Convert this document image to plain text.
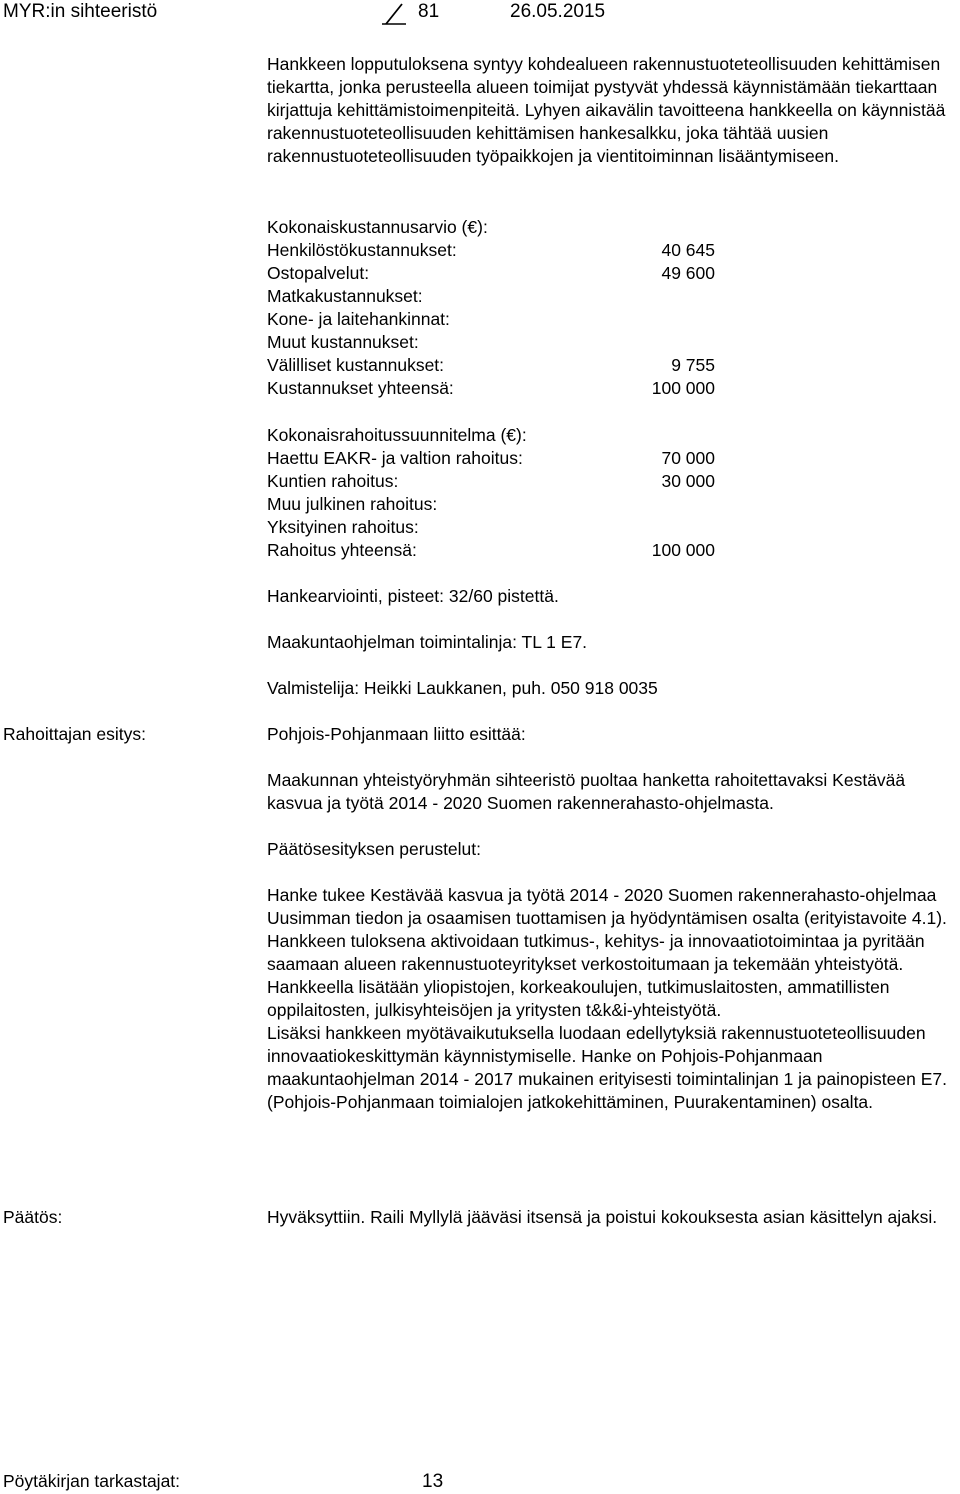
MYR:in sihteeristö	81	26.05.2015

Hankkeen lopputuloksena syntyy kohdealueen rakennustuoteteollisuuden kehittämisen tiekartta, jonka perusteella alueen toimijat pystyvät yhdessä käynnistämään tiekarttaan kirjattuja kehittämistoimenpiteitä. Lyhyen aikavälin tavoitteena hankkeella on käynnistää rakennustuoteteollisuuden kehittämisen hankesalkku, joka tähtää uusien rakennustuoteteollisuuden työpaikkojen ja vientitoiminnan lisääntymiseen.

Kokonaiskustannusarvio (€):
Henkilöstökustannukset:	40 645
Ostopalvelut:	49 600
Matkakustannukset:
Kone- ja laitehankinnat:
Muut kustannukset:
Välilliset kustannukset:	9 755
Kustannukset yhteensä:	100 000
Kokonaisrahoitussuunnitelma (€):
Haettu EAKR- ja valtion rahoitus:	70 000
Kuntien rahoitus:	30 000
Muu julkinen rahoitus:
Yksityinen rahoitus:
Rahoitus yhteensä:	100 000
Hankearviointi, pisteet: 32/60 pistettä.
Maakuntaohjelman toimintalinja: TL 1 E7.
Valmistelija: Heikki Laukkanen, puh. 050 918 0035
Rahoittajan esitys:	Pohjois-Pohjanmaan liitto esittää:

Maakunnan yhteistyöryhmän sihteeristö puoltaa hanketta rahoitettavaksi Kestävää kasvua ja työtä 2014 - 2020 Suomen rakennerahasto-ohjelmasta.

Päätösesityksen perustelut:

Hanke tukee Kestävää kasvua ja työtä 2014 - 2020 Suomen rakennerahasto-ohjelmaa Uusimman tiedon ja osaamisen tuottamisen ja hyödyntämisen osalta (erityistavoite 4.1).

Hankkeen tuloksena aktivoidaan tutkimus-, kehitys- ja innovaatiotoimintaa ja pyritään saamaan alueen rakennustuoteyritykset verkostoitumaan ja tekemään yhteistyötä. Hankkeella lisätään yliopistojen, korkeakoulujen, tutkimuslaitosten, ammatillisten oppilaitosten, julkisyhteisöjen ja yritysten t&k&i-yhteistyötä.

Lisäksi hankkeen myötävaikutuksella luodaan edellytyksiä rakennustuoteteollisuuden innovaatiokeskittymän käynnistymiselle. Hanke on Pohjois-Pohjanmaan maakuntaohjelman 2014 - 2017 mukainen erityisesti toimintalinjan 1 ja painopisteen E7. (Pohjois-Pohjanmaan toimialojen jatkokehittäminen, Puurakentaminen) osalta.

Päätös:	Hyväksyttiin. Raili Myllylä jääväsi itsensä ja poistui kokouksesta asian käsittelyn ajaksi.

Pöytäkirjan tarkastajat:	13
